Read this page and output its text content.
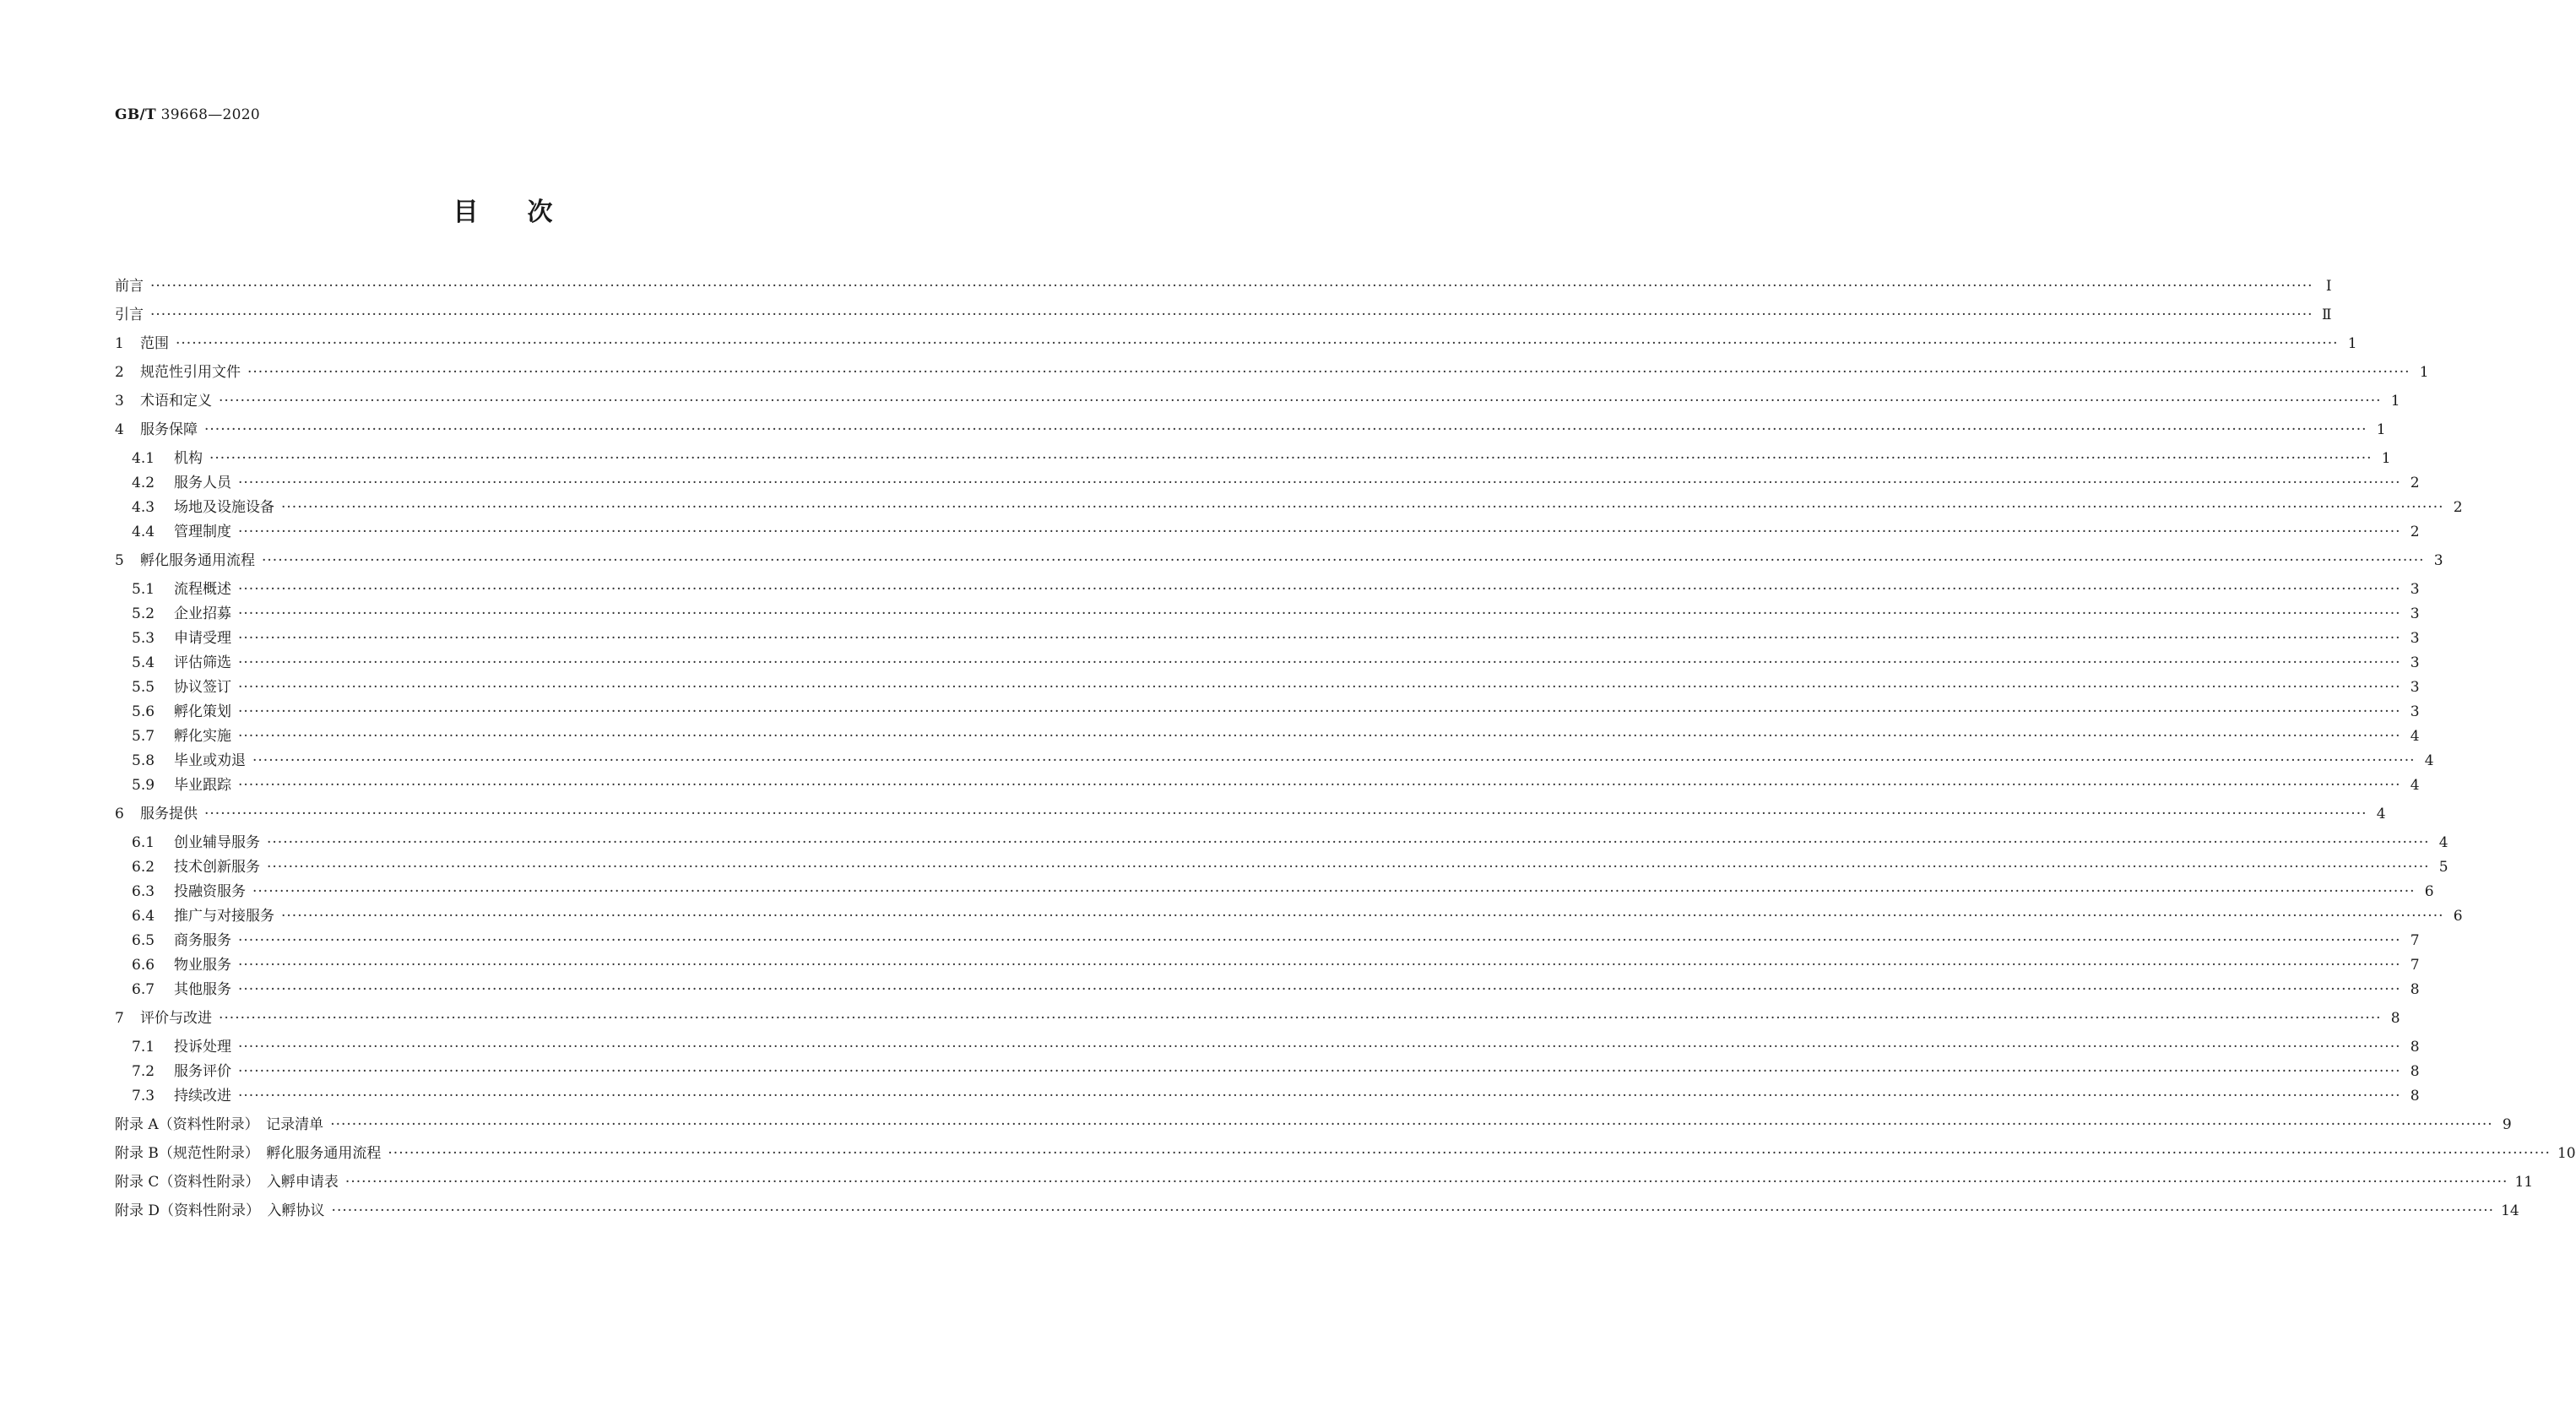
GB/T 39668—2020
目 次
前言 ················································································································································································································································································································································································································ Ⅰ
引言 ················································································································································································································································································································································································································ Ⅱ
1 范围 ················································································································································································································································································································································································································ 1
2 规范性引用文件 ················································································································································································································································································································································································································ 1
3 术语和定义 ················································································································································································································································································································································································································ 1
4 服务保障 ················································································································································································································································································································································································································ 1
4.1 机构 ················································································································································································································································································································································································································ 1
4.2 服务人员 ················································································································································································································································································································································································································ 2
4.3 场地及设施设备 ················································································································································································································································································································································································································ 2
4.4 管理制度 ················································································································································································································································································································································································································ 2
5 孵化服务通用流程 ················································································································································································································································································································································································································ 3
5.1 流程概述 ················································································································································································································································································································································································································ 3
5.2 企业招募 ················································································································································································································································································································································································································ 3
5.3 申请受理 ················································································································································································································································································································································································································ 3
5.4 评估筛选 ················································································································································································································································································································································································································ 3
5.5 协议签订 ················································································································································································································································································································································································································ 3
5.6 孵化策划 ················································································································································································································································································································································································································ 3
5.7 孵化实施 ················································································································································································································································································································································································································ 4
5.8 毕业或劝退 ················································································································································································································································································································································································································ 4
5.9 毕业跟踪 ················································································································································································································································································································································································································ 4
6 服务提供 ················································································································································································································································································································································································································ 4
6.1 创业辅导服务 ················································································································································································································································································································································································································ 4
6.2 技术创新服务 ················································································································································································································································································································································································································ 5
6.3 投融资服务 ················································································································································································································································································································································································································ 6
6.4 推广与对接服务 ················································································································································································································································································································································································································ 6
6.5 商务服务 ················································································································································································································································································································································································································ 7
6.6 物业服务 ················································································································································································································································································································································································································ 7
6.7 其他服务 ················································································································································································································································································································································································································ 8
7 评价与改进 ················································································································································································································································································································································································································ 8
7.1 投诉处理 ················································································································································································································································································································································································································ 8
7.2 服务评价 ················································································································································································································································································································································································································ 8
7.3 持续改进 ················································································································································································································································································································································································································ 8
附录 A（资料性附录）　记录清单 ················································································································································································································································································································································································································ 9
附录 B（规范性附录）　孵化服务通用流程 ················································································································································································································································································································································································································ 10
附录 C（资料性附录）　入孵申请表 ················································································································································································································································································································································································································ 11
附录 D（资料性附录）　入孵协议 ················································································································································································································································································································································································································ 14
